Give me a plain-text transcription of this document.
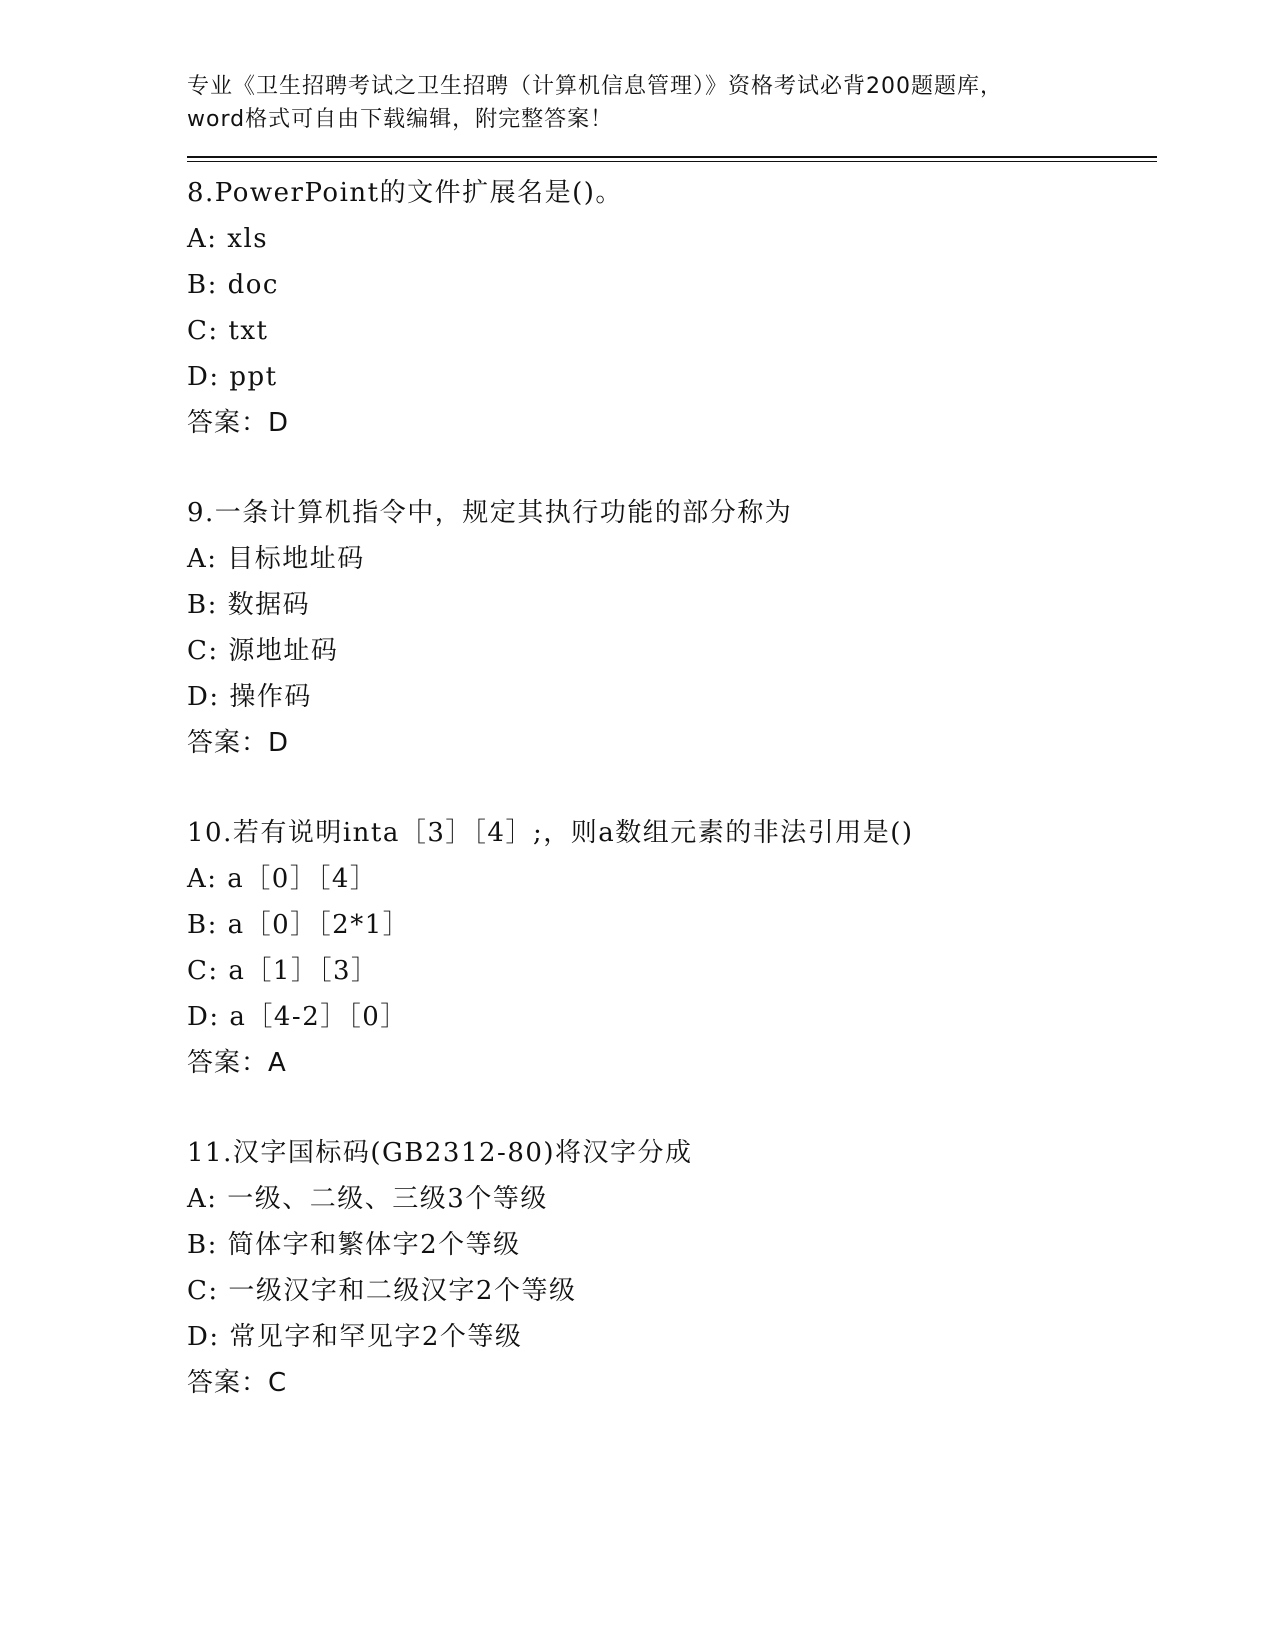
专业《卫生招聘考试之卫生招聘（计算机信息管理）》资格考试必背200题题库，
word格式可自由下载编辑，附完整答案！
8.PowerPoint的文件扩展名是()。
A: xls
B: doc
C: txt
D: ppt
答案：D
9.一条计算机指令中，规定其执行功能的部分称为
A: 目标地址码
B: 数据码
C: 源地址码
D: 操作码
答案：D
10.若有说明inta［3］［4］;，则a数组元素的非法引用是()
A: a［0］［4］
B: a［0］［2*1］
C: a［1］［3］
D: a［4-2］［0］
答案：A
11.汉字国标码(GB2312-80)将汉字分成
A: 一级、二级、三级3个等级
B: 简体字和繁体字2个等级
C: 一级汉字和二级汉字2个等级
D: 常见字和罕见字2个等级
答案：C
